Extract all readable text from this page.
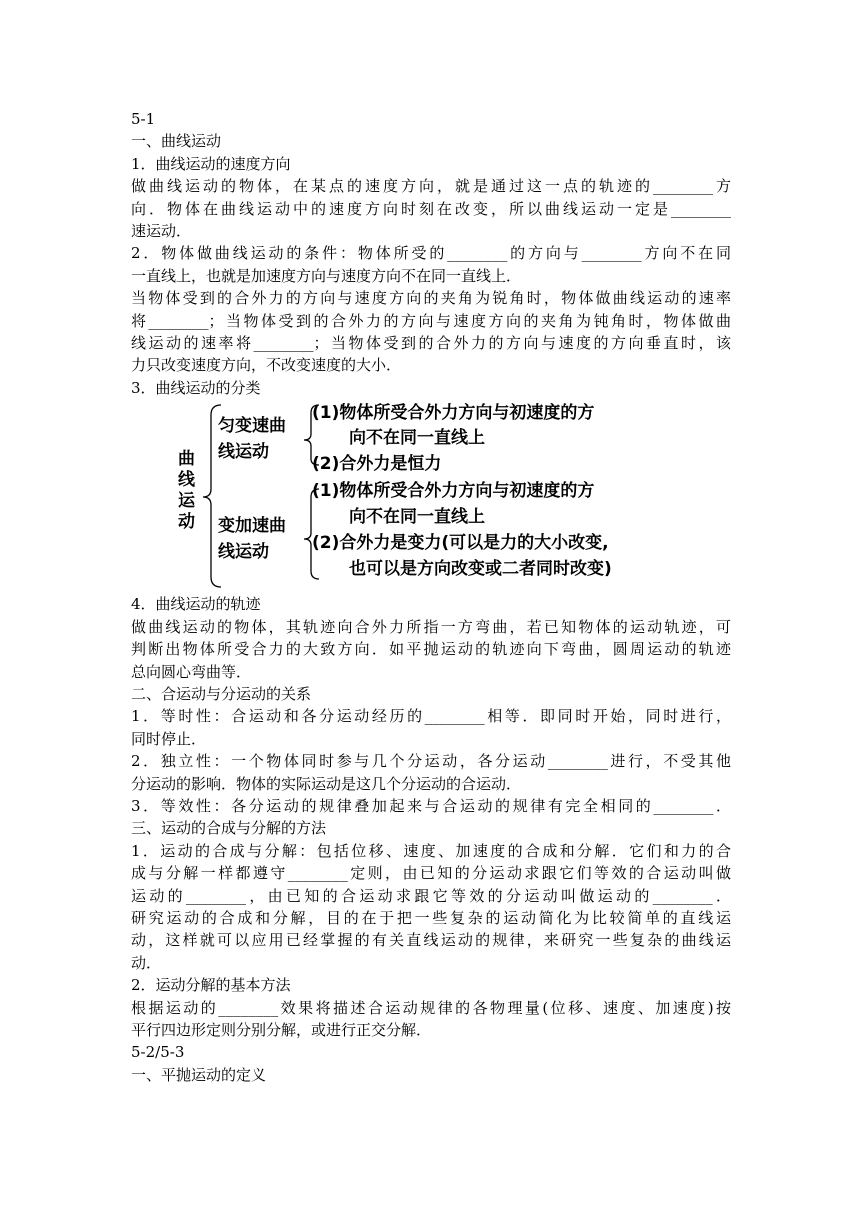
5-1
一、曲线运动
1．曲线运动的速度方向
做曲线运动的物体，在某点的速度方向，就是通过这一点的轨迹的________方
向．物体在曲线运动中的速度方向时刻在改变，所以曲线运动一定是________
速运动．
2．物体做曲线运动的条件：物体所受的________的方向与________方向不在同
一直线上，也就是加速度方向与速度方向不在同一直线上．
当物体受到的合外力的方向与速度方向的夹角为锐角时，物体做曲线运动的速率
将________；当物体受到的合外力的方向与速度方向的夹角为钝角时，物体做曲
线运动的速率将________；当物体受到的合外力的方向与速度的方向垂直时，该
力只改变速度方向，不改变速度的大小．
3．曲线运动的分类
曲线运动
匀变速曲
线运动
(1)物体所受合外力方向与初速度的方
向不在同一直线上
(2)合外力是恒力
变加速曲
线运动
(1)物体所受合外力方向与初速度的方
向不在同一直线上
(2)合外力是变力(可以是力的大小改变,
也可以是方向改变或二者同时改变)
4．曲线运动的轨迹
做曲线运动的物体，其轨迹向合外力所指一方弯曲，若已知物体的运动轨迹，可
判断出物体所受合力的大致方向．如平抛运动的轨迹向下弯曲，圆周运动的轨迹
总向圆心弯曲等．
二、合运动与分运动的关系
1．等时性：合运动和各分运动经历的________相等．即同时开始，同时进行，
同时停止．
2．独立性：一个物体同时参与几个分运动，各分运动________进行，不受其他
分运动的影响．物体的实际运动是这几个分运动的合运动．
3．等效性：各分运动的规律叠加起来与合运动的规律有完全相同的________．
三、运动的合成与分解的方法
1．运动的合成与分解：包括位移、速度、加速度的合成和分解．它们和力的合
成与分解一样都遵守________定则，由已知的分运动求跟它们等效的合运动叫做
运动的________，由已知的合运动求跟它等效的分运动叫做运动的________．
研究运动的合成和分解，目的在于把一些复杂的运动简化为比较简单的直线运
动，这样就可以应用已经掌握的有关直线运动的规律，来研究一些复杂的曲线运
动．
2．运动分解的基本方法
根据运动的________效果将描述合运动规律的各物理量(位移、速度、加速度)按
平行四边形定则分别分解，或进行正交分解．
5-2/5-3
一、平抛运动的定义
